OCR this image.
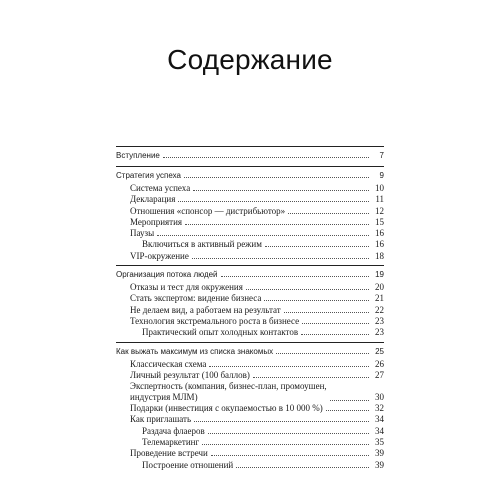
Содержание
Вступление	7
Стратегия успеха	9
Система успеха	10
Декларация	11
Отношения «спонсор — дистрибьютор»	12
Мероприятия	15
Паузы	16
Включиться в активный режим	16
VIP-окружение	18
Организация потока людей	19
Отказы и тест для окружения	20
Стать экспертом: видение бизнеса	21
Не делаем вид, а работаем на результат	22
Технология экстремального роста в бизнесе	23
Практический опыт холодных контактов	23
Как выжать максимум из списка знакомых	25
Классическая схема	26
Личный результат (100 баллов)	27
Экспертность (компания, бизнес-план, промоушен,
индустрия МЛМ)	30
Подарки (инвестиция с окупаемостью в 10 000 %)	32
Как приглашать	34
Раздача флаеров	34
Телемаркетинг	35
Проведение встречи	39
Построение отношений	39
